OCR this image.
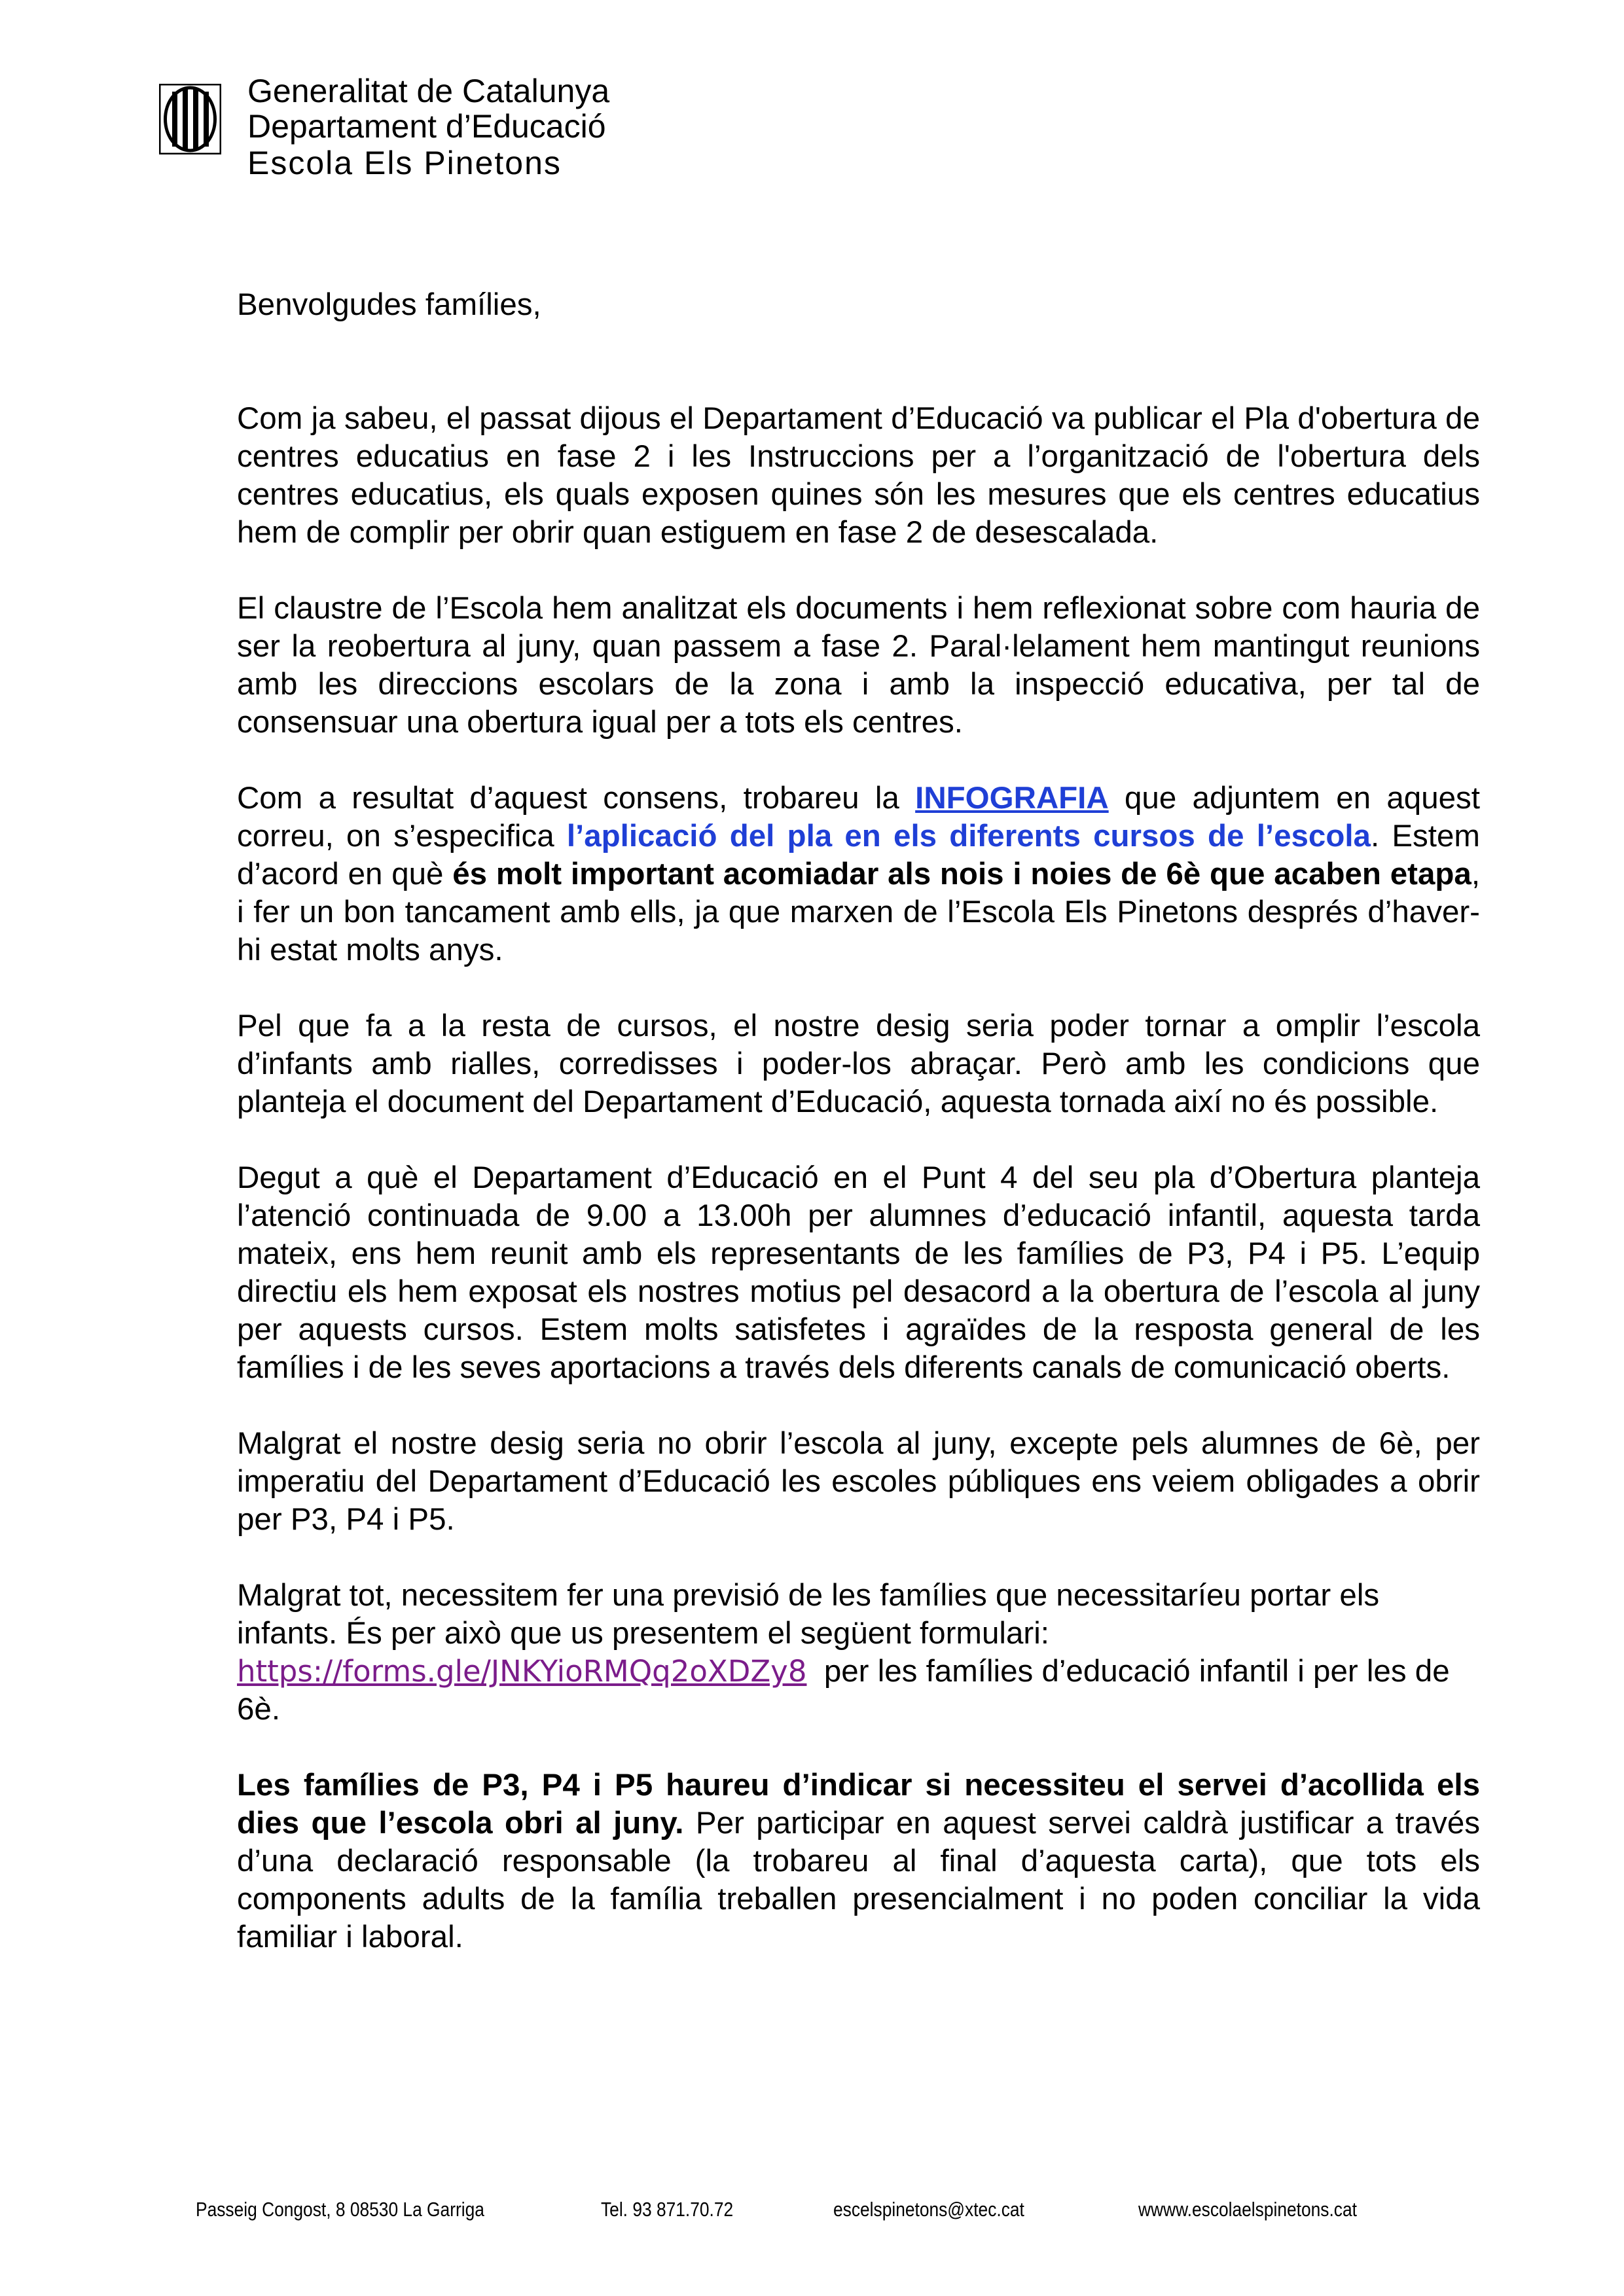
Generalitat de Catalunya
Departament d’Educació
Escola Els Pinetons

Benvolgudes famílies,

Com ja sabeu, el passat dijous el Departament d’Educació va publicar el Pla d'obertura de centres educatius en fase 2 i les Instruccions per a l’organització de l'obertura dels centres educatius, els quals exposen quines són les mesures que els centres educatius hem de complir per obrir quan estiguem en fase 2 de desescalada.

El claustre de l’Escola hem analitzat els documents i hem reflexionat sobre com hauria de ser la reobertura al juny, quan passem a fase 2. Paral·lelament hem mantingut reunions amb les direccions escolars de la zona i amb la inspecció educativa, per tal de consensuar una obertura igual per a tots els centres.

Com a resultat d’aquest consens, trobareu la INFOGRAFIA que adjuntem en aquest correu, on s’especifica l’aplicació del pla en els diferents cursos de l’escola. Estem d’acord en què és molt important acomiadar als nois i noies de 6è que acaben etapa, i fer un bon tancament amb ells, ja que marxen de l’Escola Els Pinetons després d’haver-hi estat molts anys.

Pel que fa a la resta de cursos, el nostre desig seria poder tornar a omplir l’escola d’infants amb rialles, corredisses i poder-los abraçar. Però amb les condicions que planteja el document del Departament d’Educació, aquesta tornada així no és possible.

Degut a què el Departament d’Educació en el Punt 4 del seu pla d’Obertura planteja l’atenció continuada de 9.00 a 13.00h per alumnes d’educació infantil, aquesta tarda mateix, ens hem reunit amb els representants de les famílies de P3, P4 i P5. L’equip directiu els hem exposat els nostres motius pel desacord a la obertura de l’escola al juny per aquests cursos. Estem molts satisfetes i agraïdes de la resposta general de les famílies i de les seves aportacions a través dels diferents canals de comunicació oberts.

Malgrat el nostre desig seria no obrir l’escola al juny, excepte pels alumnes de 6è, per imperatiu del Departament d’Educació les escoles públiques ens veiem obligades a obrir per P3, P4 i P5.

Malgrat tot, necessitem fer una previsió de les famílies que necessitaríeu portar els infants. És per això que us presentem el següent formulari: https://forms.gle/JNKYioRMQq2oXDZy8  per les famílies d’educació infantil i per les de 6è.

Les famílies de P3, P4 i P5 haureu d’indicar si necessiteu el servei d’acollida els dies que l’escola obri al juny. Per participar en aquest servei caldrà justificar a través d’una declaració responsable (la trobareu al final d’aquesta carta), que tots els components adults de la família treballen presencialment i no poden conciliar la vida familiar i laboral.

Passeig Congost, 8 08530 La Garriga	Tel. 93 871.70.72	escelspinetons@xtec.cat	wwww.escolaelspinetons.cat
